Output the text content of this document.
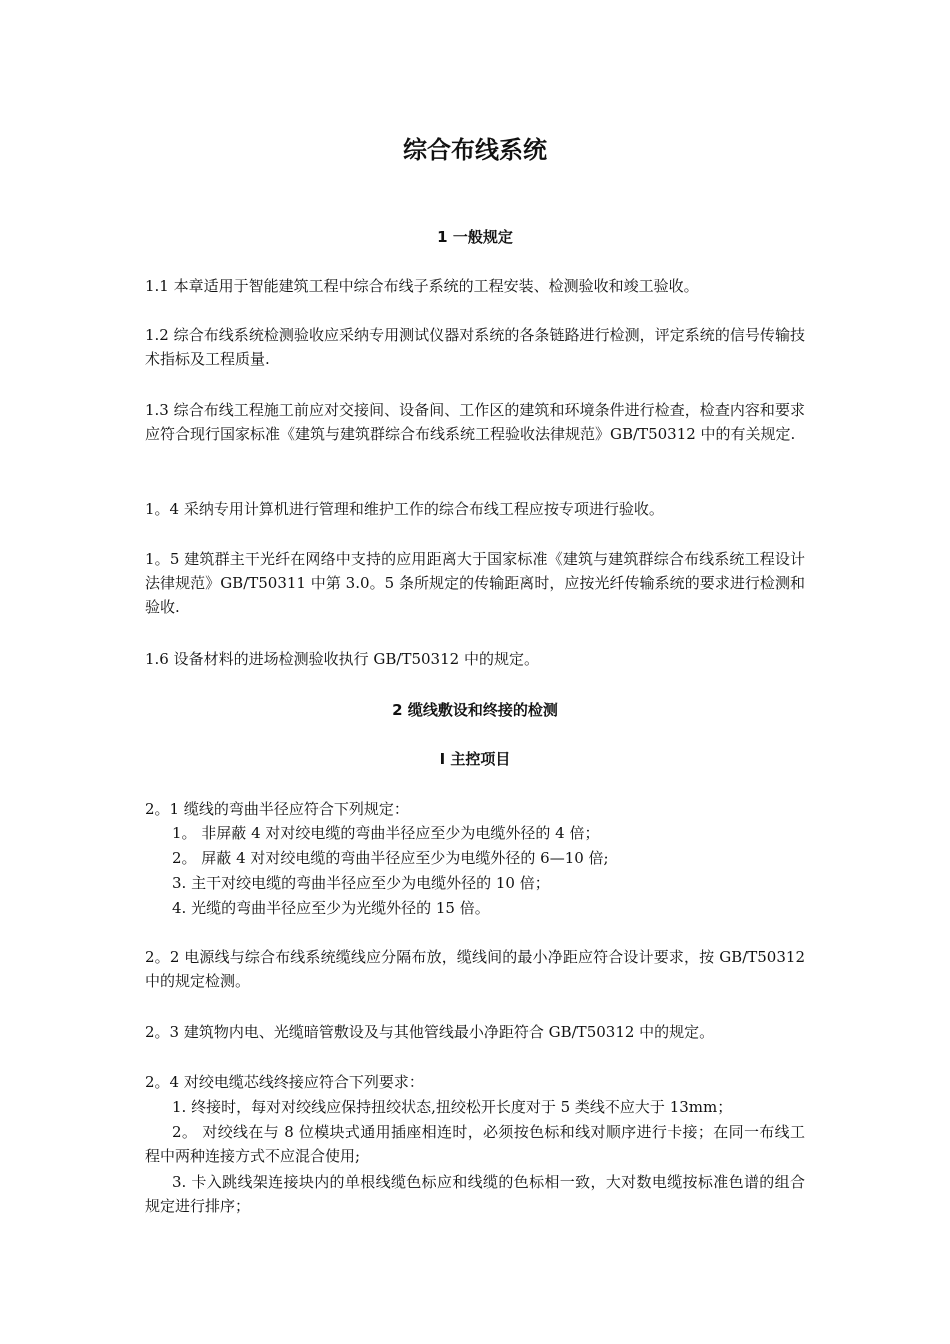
综合布线系统
1 一般规定

1.1 本章适用于智能建筑工程中综合布线子系统的工程安装、检测验收和竣工验收。

1.2 综合布线系统检测验收应采纳专用测试仪器对系统的各条链路进行检测，评定系统的信号传输技术指标及工程质量.

1.3 综合布线工程施工前应对交接间、设备间、工作区的建筑和环境条件进行检查，检查内容和要求应符合现行国家标准《建筑与建筑群综合布线系统工程验收法律规范》GB/T50312 中的有关规定.

1。4 采纳专用计算机进行管理和维护工作的综合布线工程应按专项进行验收。

1。5 建筑群主干光纤在网络中支持的应用距离大于国家标准《建筑与建筑群综合布线系统工程设计法律规范》GB/T50311 中第 3.0。5 条所规定的传输距离时，应按光纤传输系统的要求进行检测和验收.

1.6 设备材料的进场检测验收执行 GB/T50312 中的规定。

2 缆线敷设和终接的检测
Ⅰ 主控项目

2。1 缆线的弯曲半径应符合下列规定：

1。 非屏蔽 4 对对绞电缆的弯曲半径应至少为电缆外径的 4 倍；

2。 屏蔽 4 对对绞电缆的弯曲半径应至少为电缆外径的 6—10 倍;

3. 主干对绞电缆的弯曲半径应至少为电缆外径的 10 倍；

4. 光缆的弯曲半径应至少为光缆外径的 15 倍。

2。2 电源线与综合布线系统缆线应分隔布放，缆线间的最小净距应符合设计要求，按 GB/T50312 中的规定检测。

2。3 建筑物内电、光缆暗管敷设及与其他管线最小净距符合 GB/T50312 中的规定。

2。4 对绞电缆芯线终接应符合下列要求：

1. 终接时，每对对绞线应保持扭绞状态,扭绞松开长度对于 5 类线不应大于 13mm；

2。 对绞线在与 8 位模块式通用插座相连时，必须按色标和线对顺序进行卡接；在同一布线工程中两种连接方式不应混合使用;

3. 卡入跳线架连接块内的单根线缆色标应和线缆的色标相一致，大对数电缆按标准色谱的组合规定进行排序；
